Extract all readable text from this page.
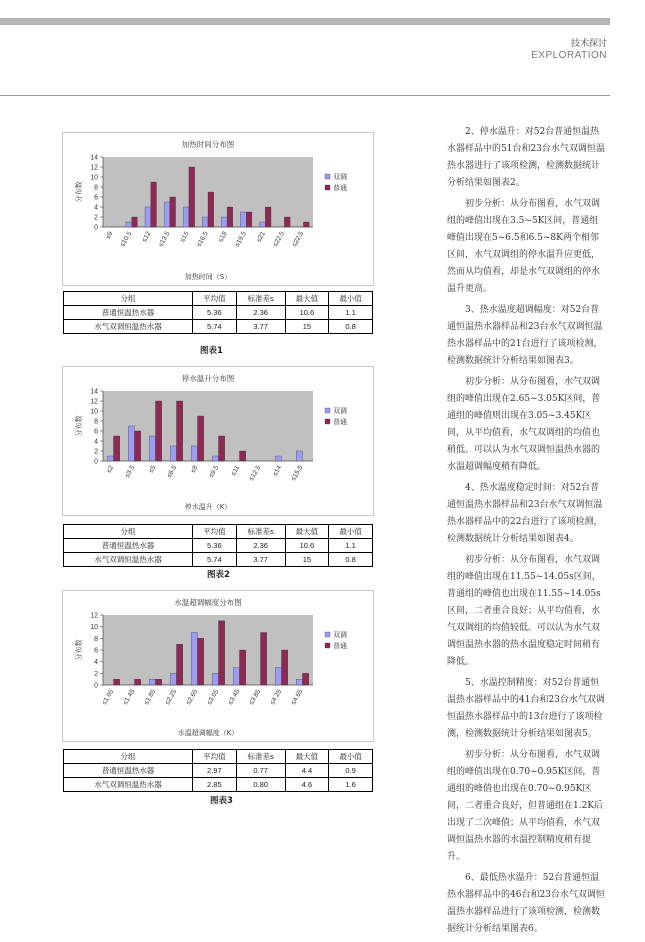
技术探讨
EXPLORATION
加热时间分布图
0
2
4
6
8
10
12
14
分布数
≤9 ≤10.5 ≤12 ≤13.5 ≤15 ≤16.5 ≤18 ≤19.5 ≤21 ≤22.5 ≤22.5
加热时间（S）
双调
普通
分组	平均值	标准差s	最大值	最小值
普通恒温热水器	5.36	2.36	10.6	1.1
水气双调恒温热水器	5.74	3.77	15	0.8
图表1
停水温升分布图
0
2
4
6
8
10
12
14
分布数
≤2 ≤3.5 ≤5 ≤6.5 ≤8 ≤9.5 ≤11 ≤12.5 ≤14 ≤15.5
停水温升（K）
双调
普通
分组	平均值	标准差s	最大值	最小值
普通恒温热水器	5.36	2.36	10.6	1.1
水气双调恒温热水器	5.74	3.77	15	0.8
图表2
水温超调幅度分布图
0
2
4
6
8
10
12
分布数
≤1.05 ≤1.45 ≤1.85 ≤2.25 ≤2.65 ≤3.05 ≤3.45 ≤3.85 ≤4.25 ≤4.65
水温超调幅度（K）
双调
普通
分组	平均值	标准差s	最大值	最小值
普通恒温热水器	2.97	0.77	4.4	0.9
水气双调恒温热水器	2.85	0.80	4.6	1.6
图表3

2、停水温升：对52台普通恒温热水器样品中的51台和23台水气双调恒温热水器进行了该项检测，检测数据统计分析结果如图表2。

初步分析：从分布图看，水气双调组的峰值出现在3.5~5K区间，普通组峰值出现在5~6.5和6.5~8K两个相邻区间，水气双调组的停水温升应更低，然而从均值看，却是水气双调组的停水温升更高。

3、热水温度超调幅度：对52台普通恒温热水器样品和23台水气双调恒温热水器样品中的21台进行了该项检测，检测数据统计分析结果如图表3。

初步分析：从分布图看，水气双调组的峰值出现在2.65~3.05K区间，普通组的峰值则出现在3.05~3.45K区间，从平均值看，水气双调组的均值也稍低。可以认为水气双调恒温热水器的水温超调幅度稍有降低。

4、热水温度稳定时间：对52台普通恒温热水器样品和23台水气双调恒温热水器样品中的22台进行了该项检测，检测数据统计分析结果如图表4。

初步分析：从分布图看，水气双调组的峰值出现在11.55~14.05s区间，普通组的峰值也出现在11.55~14.05s区间，二者重合良好；从平均值看，水气双调组的均值较低。可以认为水气双调恒温热水器的热水温度稳定时间稍有降低。

5、水温控制精度：对52台普通恒温热水器样品中的41台和23台水气双调恒温热水器样品中的13台进行了该项检测，检测数据统计分析结果如图表5。

初步分析：从分布图看，水气双调组的峰值出现在0.70~0.95K区间，普通组的峰值也出现在0.70~0.95K区间，二者重合良好，但普通组在1.2K后出现了二次峰值；从平均值看，水气双调恒温热水器的水温控制精度稍有提升。

6、最低热水温升：52台普通恒温热水器样品中的46台和23台水气双调恒温热水器样品进行了该项检测，检测数据统计分析结果图表6。
